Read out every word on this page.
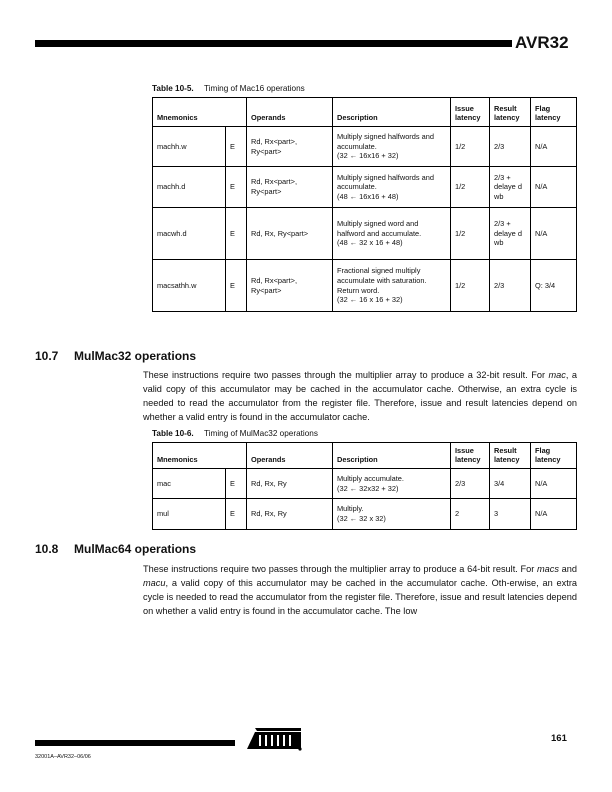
AVR32
Table 10-5. Timing of Mac16 operations
Mnemonics		Operands	Description	Issue latency	Result latency	Flag latency
machh.w	E	Rd, Rx<part>, Ry<part>	Multiply signed halfwords and accumulate.
(32 ← 16x16 + 32)	1/2	2/3	N/A
machh.d	E	Rd, Rx<part>, Ry<part>	Multiply signed halfwords and accumulate.
(48 ← 16x16 + 48)	1/2	2/3 + delaye d wb	N/A
macwh.d	E	Rd, Rx, Ry<part>	Multiply signed word and halfword and accumulate.
(48 ← 32 x 16 + 48)	1/2	2/3 + delaye d wb	N/A
macsathh.w	E	Rd, Rx<part>, Ry<part>	Fractional signed multiply accumulate with saturation. Return word.
(32 ← 16 x 16 + 32)	1/2	2/3	Q: 3/4
10.7 MulMac32 operations
These instructions require two passes through the multiplier array to produce a 32-bit result. For mac, a valid copy of this accumulator may be cached in the accumulator cache. Otherwise, an extra cycle is needed to read the accumulator from the register file. Therefore, issue and result latencies depend on whether a valid entry is found in the accumulator cache.
Table 10-6. Timing of MulMac32 operations
Mnemonics		Operands	Description	Issue latency	Result latency	Flag latency
mac	E	Rd, Rx, Ry	Multiply accumulate.
(32 ← 32x32 + 32)	2/3	3/4	N/A
mul	E	Rd, Rx, Ry	Multiply.
(32 ← 32 x 32)	2	3	N/A
10.8 MulMac64 operations
These instructions require two passes through the multiplier array to produce a 64-bit result. For macs and macu, a valid copy of this accumulator may be cached in the accumulator cache. Oth-erwise, an extra cycle is needed to read the accumulator from the register file. Therefore, issue and result latencies depend on whether a valid entry is found in the accumulator cache. The low
32001A–AVR32–06/06
161
